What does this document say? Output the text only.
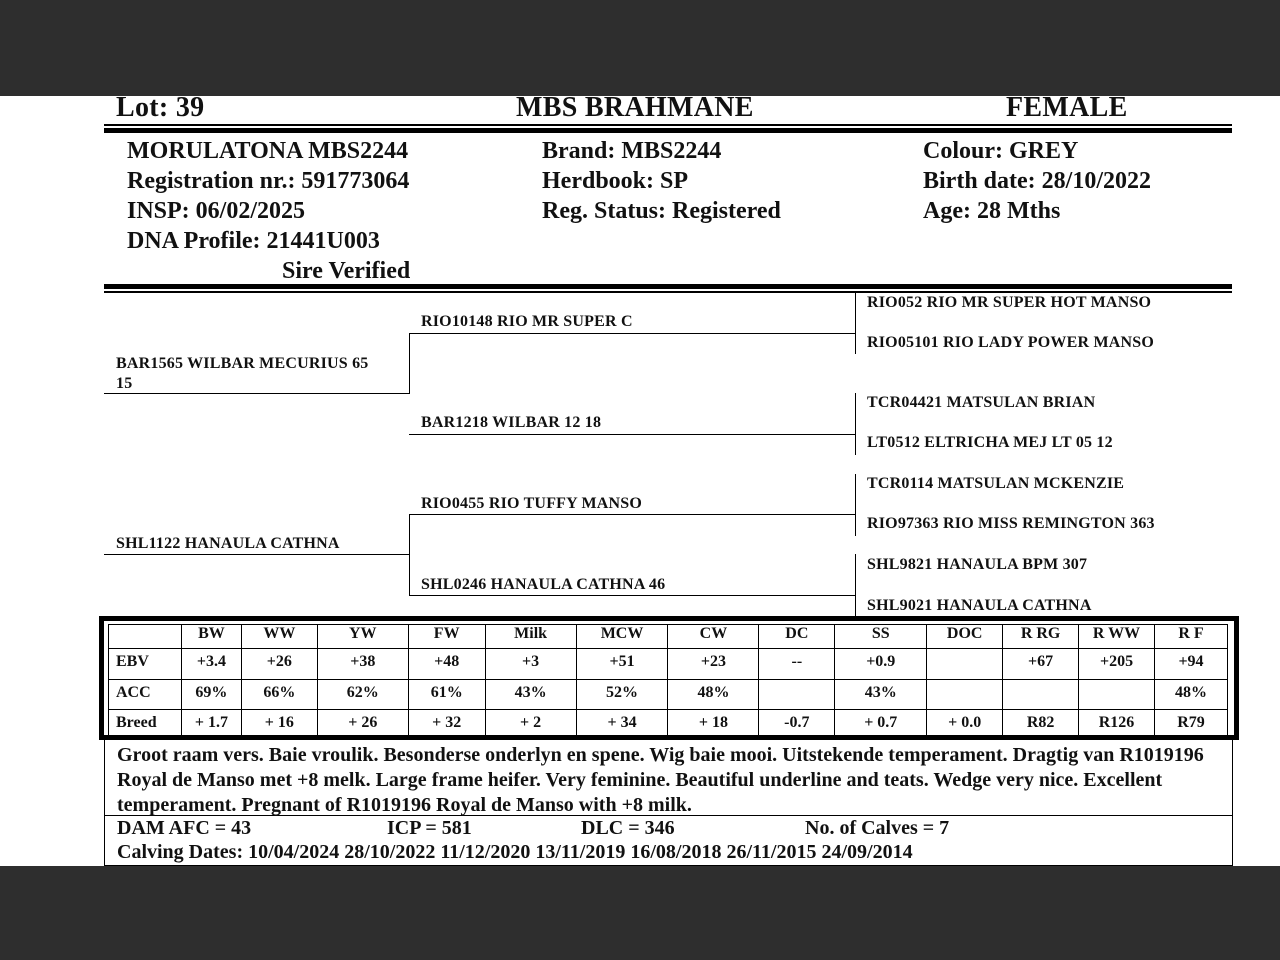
Lot: 39	MBS BRAHMANE	FEMALE
MORULATONA MBS2244
Registration nr.: 591773064
INSP: 06/02/2025
DNA Profile: 21441U003
Sire Verified
Brand: MBS2244
Herdbook: SP
Reg. Status: Registered
Colour: GREY
Birth date: 28/10/2022
Age: 28 Mths
BAR1565 WILBAR MECURIUS 65
15
SHL1122 HANAULA CATHNA
RIO10148 RIO MR SUPER C
BAR1218 WILBAR 12 18
RIO0455 RIO TUFFY MANSO
SHL0246 HANAULA CATHNA 46
RIO052 RIO MR SUPER HOT MANSO
RIO05101 RIO LADY POWER MANSO
TCR04421 MATSULAN BRIAN
LT0512 ELTRICHA MEJ LT 05 12
TCR0114 MATSULAN MCKENZIE
RIO97363 RIO MISS REMINGTON 363
SHL9821 HANAULA BPM 307
SHL9021 HANAULA CATHNA
	BW	WW	YW	FW	Milk	MCW	CW	DC	SS	DOC	R RG	R WW	R F
EBV	+3.4	+26	+38	+48	+3	+51	+23	--	+0.9		+67	+205	+94
ACC	69%	66%	62%	61%	43%	52%	48%		43%				48%
Breed	+ 1.7	+ 16	+ 26	+ 32	+ 2	+ 34	+ 18	-0.7	+ 0.7	+ 0.0	R82	R126	R79
Groot raam vers. Baie vroulik. Besonderse onderlyn en spene. Wig baie mooi. Uitstekende temperament. Dragtig van R1019196 Royal de Manso met +8 melk. Large frame heifer. Very feminine. Beautiful underline and teats. Wedge very nice. Excellent temperament. Pregnant of R1019196 Royal de Manso with +8 milk.
DAM AFC = 43	ICP = 581	DLC = 346	No. of Calves = 7
Calving Dates: 10/04/2024 28/10/2022 11/12/2020 13/11/2019 16/08/2018 26/11/2015 24/09/2014
